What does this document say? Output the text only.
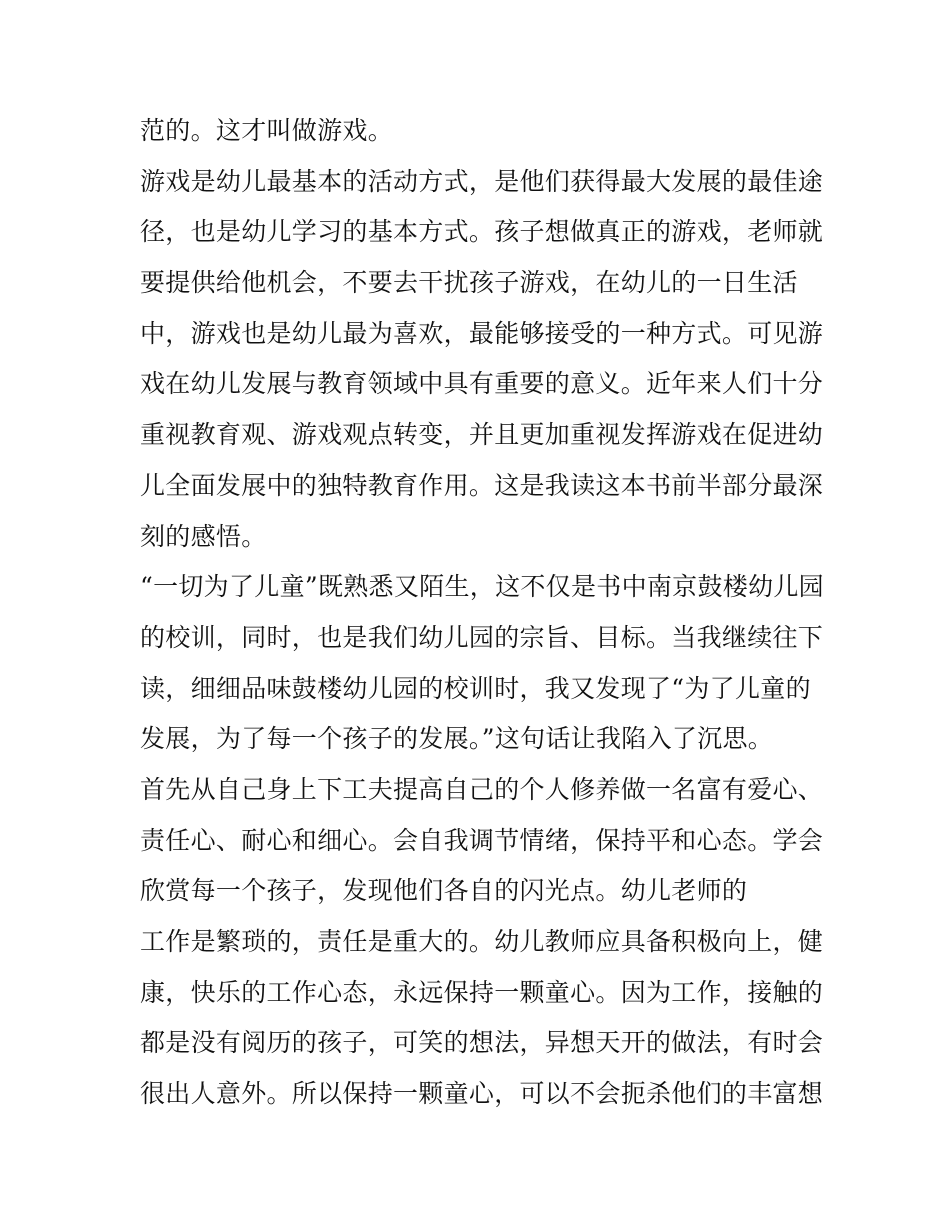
范的。这才叫做游戏。
游戏是幼儿最基本的活动方式，是他们获得最大发展的最佳途
径，也是幼儿学习的基本方式。孩子想做真正的游戏，老师就
要提供给他机会，不要去干扰孩子游戏，在幼儿的一日生活
中，游戏也是幼儿最为喜欢，最能够接受的一种方式。可见游
戏在幼儿发展与教育领域中具有重要的意义。近年来人们十分
重视教育观、游戏观点转变，并且更加重视发挥游戏在促进幼
儿全面发展中的独特教育作用。这是我读这本书前半部分最深
刻的感悟。
“一切为了儿童”既熟悉又陌生，这不仅是书中南京鼓楼幼儿园
的校训，同时，也是我们幼儿园的宗旨、目标。当我继续往下
读，细细品味鼓楼幼儿园的校训时，我又发现了“为了儿童的
发展，为了每一个孩子的发展。”这句话让我陷入了沉思。
首先从自己身上下工夫提高自己的个人修养做一名富有爱心、
责任心、耐心和细心。会自我调节情绪，保持平和心态。学会
欣赏每一个孩子，发现他们各自的闪光点。幼儿老师的
工作是繁琐的，责任是重大的。幼儿教师应具备积极向上，健
康，快乐的工作心态，永远保持一颗童心。因为工作，接触的
都是没有阅历的孩子，可笑的想法，异想天开的做法，有时会
很出人意外。所以保持一颗童心，可以不会扼杀他们的丰富想
